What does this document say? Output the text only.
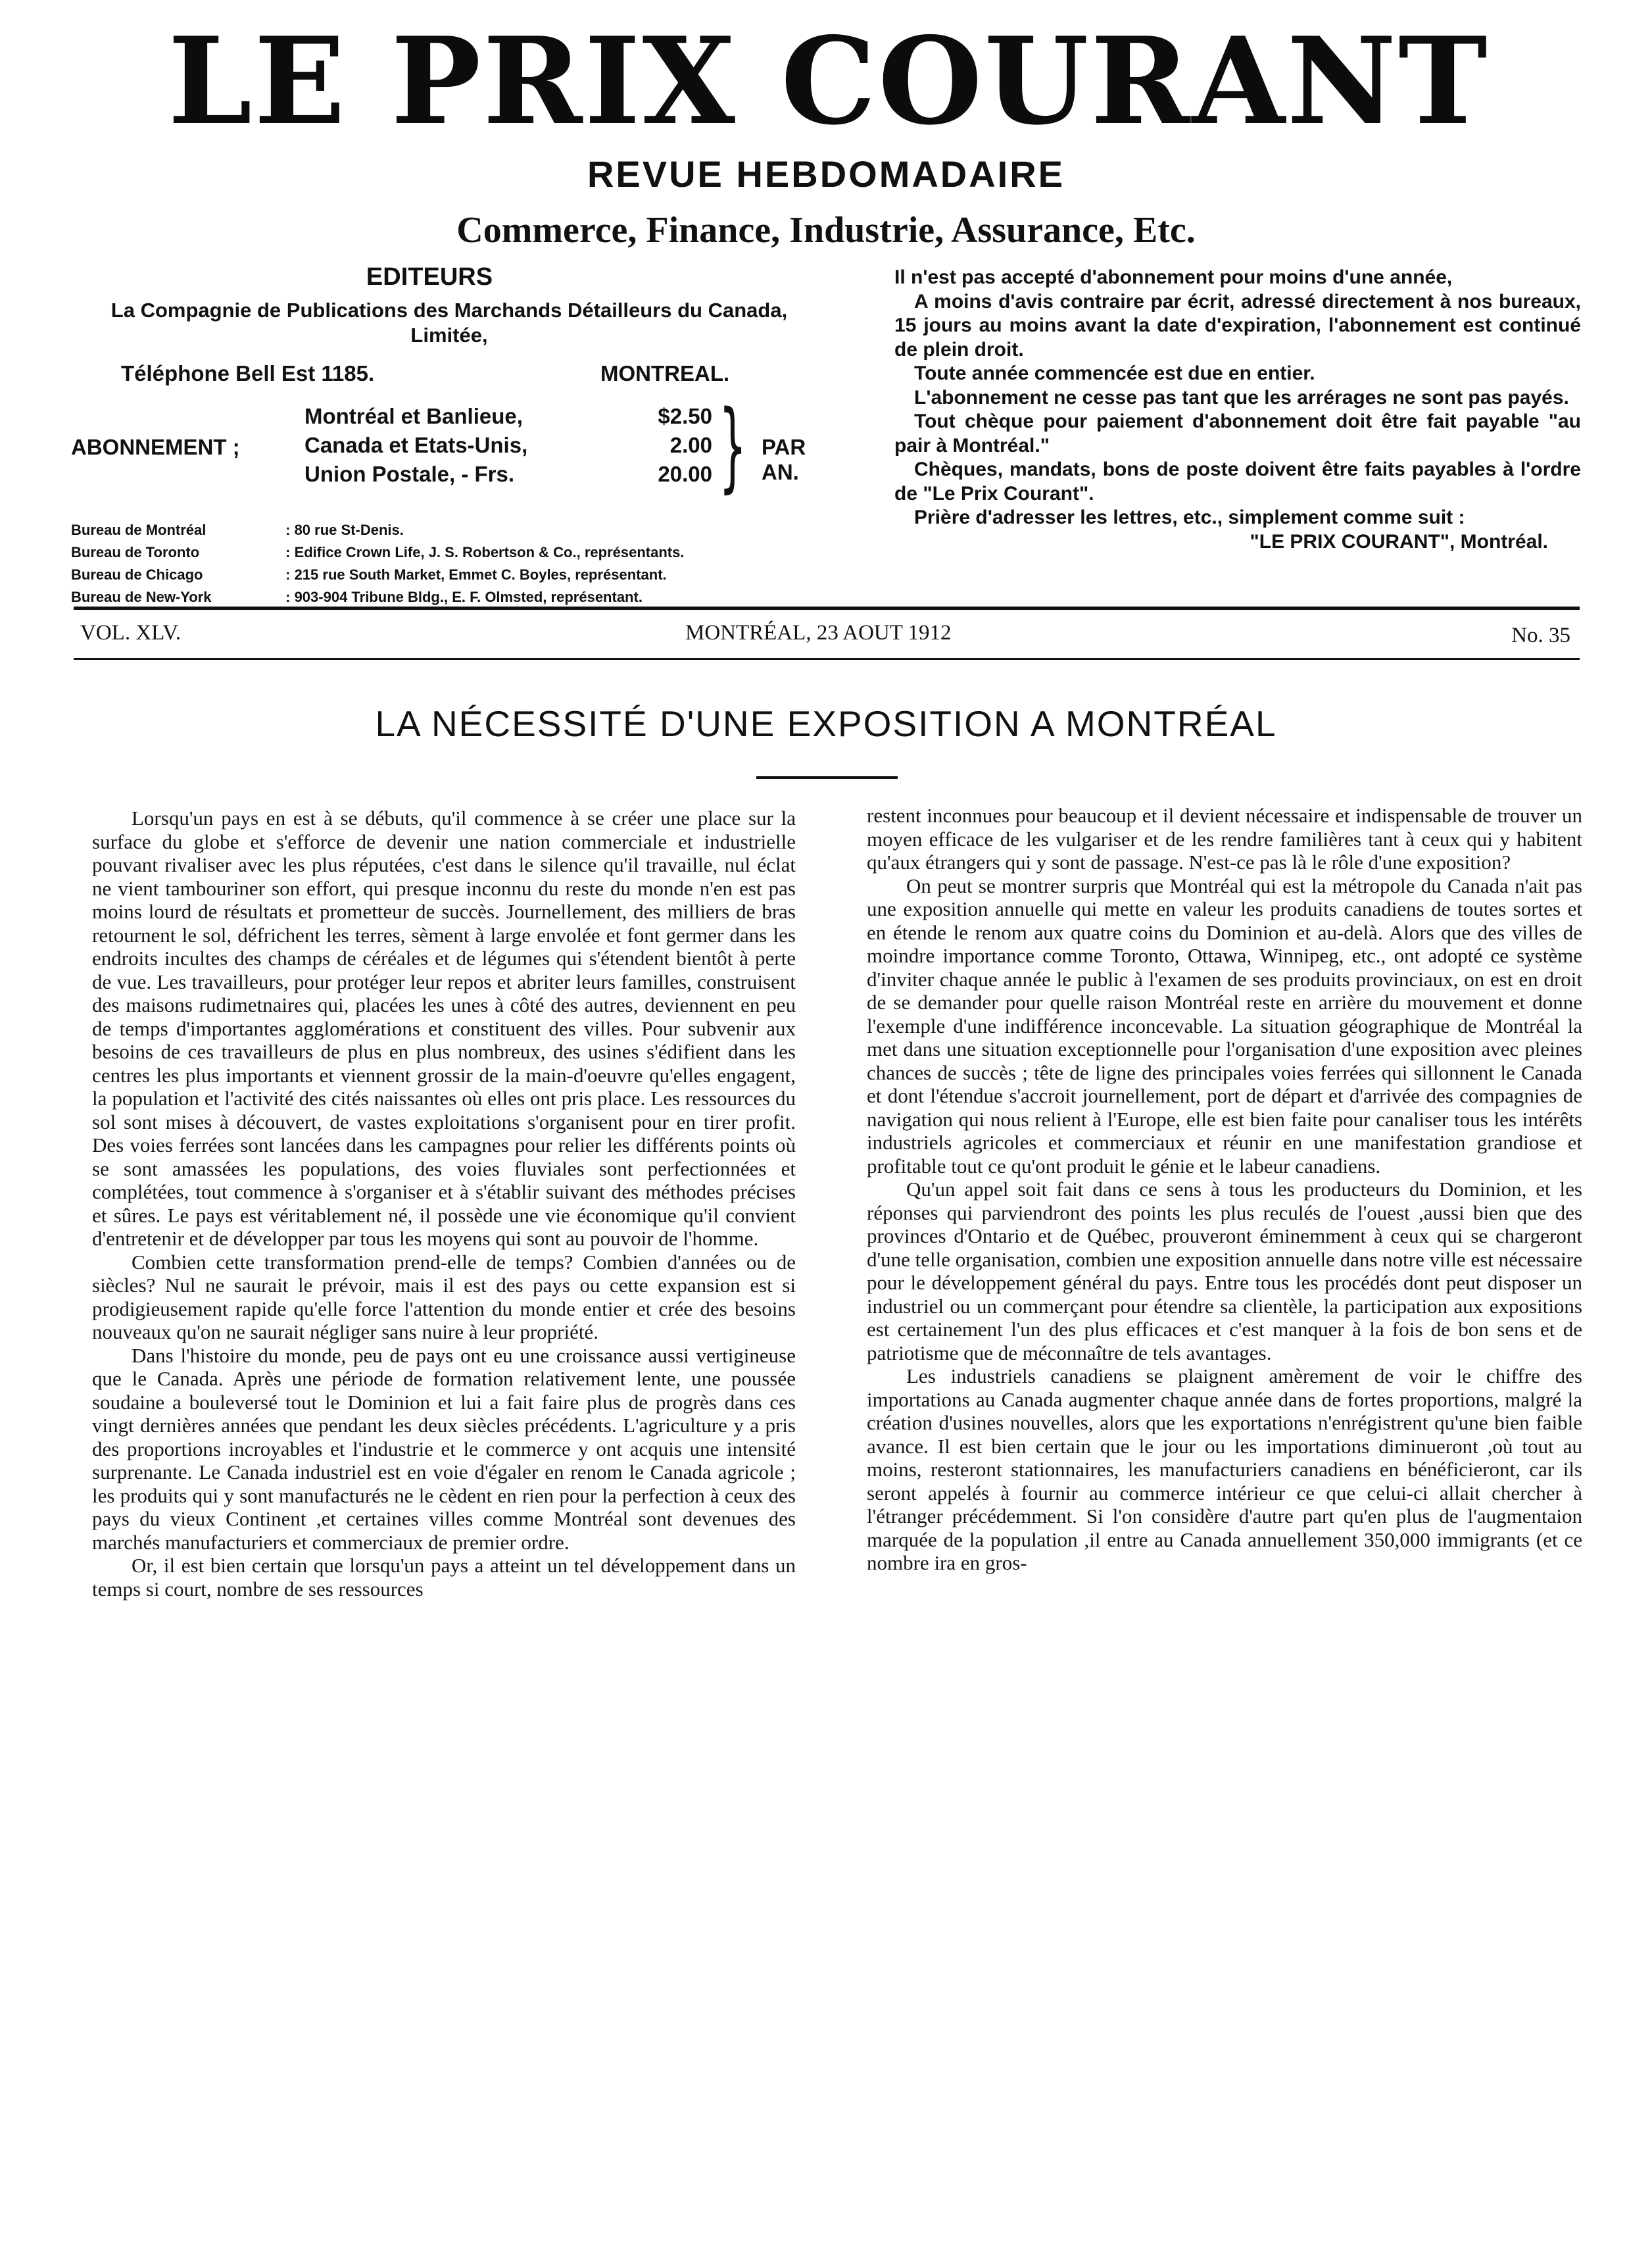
LE PRIX COURANT
REVUE HEBDOMADAIRE
Commerce, Finance, Industrie, Assurance, Etc.
EDITEURS
La Compagnie de Publications des Marchands Détailleurs du Canada, Limitée,
Téléphone Bell Est 1185.	MONTREAL.
ABONNEMENT ;
Montréal et Banlieue,	$2.50
Canada et Etats-Unis,	2.00
Union Postale, - Frs.	20.00 } PAR AN.
Bureau de Montréal	: 80 rue St-Denis.
Bureau de Toronto	: Edifice Crown Life, J. S. Robertson & Co., représentants.
Bureau de Chicago	: 215 rue South Market, Emmet C. Boyles, représentant.
Bureau de New-York	: 903-904 Tribune Bldg., E. F. Olmsted, représentant.

Il n'est pas accepté d'abonnement pour moins d'une année,

A moins d'avis contraire par écrit, adressé directement à nos bureaux, 15 jours au moins avant la date d'expiration, l'abonnement est continué de plein droit.

Toute année commencée est due en entier.

L'abonnement ne cesse pas tant que les arrérages ne sont pas payés.

Tout chèque pour paiement d'abonnement doit être fait payable "au pair à Montréal."

Chèques, mandats, bons de poste doivent être faits payables à l'ordre de "Le Prix Courant".

Prière d'adresser les lettres, etc., simplement comme suit :

"LE PRIX COURANT", Montréal.

VOL. XLV.	MONTRÉAL, 23 AOUT 1912	No. 35
LA NÉCESSITÉ D'UNE EXPOSITION A MONTRÉAL

Lorsqu'un pays en est à se débuts, qu'il commence à se créer une place sur la surface du globe et s'efforce de devenir une nation commerciale et industrielle pouvant rivaliser avec les plus réputées, c'est dans le silence qu'il travaille, nul éclat ne vient tambouriner son effort, qui presque inconnu du reste du monde n'en est pas moins lourd de résultats et prometteur de succès. Journellement, des milliers de bras retournent le sol, défrichent les terres, sèment à large envolée et font germer dans les endroits incultes des champs de céréales et de légumes qui s'étendent bientôt à perte de vue. Les travailleurs, pour protéger leur repos et abriter leurs familles, construisent des maisons rudimetnaires qui, placées les unes à côté des autres, deviennent en peu de temps d'importantes agglomérations et constituent des villes. Pour subvenir aux besoins de ces travailleurs de plus en plus nombreux, des usines s'édifient dans les centres les plus importants et viennent grossir de la main-d'oeuvre qu'elles engagent, la population et l'activité des cités naissantes où elles ont pris place. Les ressources du sol sont mises à découvert, de vastes exploitations s'organisent pour en tirer profit. Des voies ferrées sont lancées dans les campagnes pour relier les différents points où se sont amassées les populations, des voies fluviales sont perfectionnées et complétées, tout commence à s'organiser et à s'établir suivant des méthodes précises et sûres. Le pays est véritablement né, il possède une vie économique qu'il convient d'entretenir et de développer par tous les moyens qui sont au pouvoir de l'homme.

Combien cette transformation prend-elle de temps? Combien d'années ou de siècles? Nul ne saurait le prévoir, mais il est des pays ou cette expansion est si prodigieusement rapide qu'elle force l'attention du monde entier et crée des besoins nouveaux qu'on ne saurait négliger sans nuire à leur propriété.

Dans l'histoire du monde, peu de pays ont eu une croissance aussi vertigineuse que le Canada. Après une période de formation relativement lente, une poussée soudaine a bouleversé tout le Dominion et lui a fait faire plus de progrès dans ces vingt dernières années que pendant les deux siècles précédents. L'agriculture y a pris des proportions incroyables et l'industrie et le commerce y ont acquis une intensité surprenante. Le Canada industriel est en voie d'égaler en renom le Canada agricole ; les produits qui y sont manufacturés ne le cèdent en rien pour la perfection à ceux des pays du vieux Continent ,et certaines villes comme Montréal sont devenues des marchés manufacturiers et commerciaux de premier ordre.

Or, il est bien certain que lorsqu'un pays a atteint un tel développement dans un temps si court, nombre de ses ressources

restent inconnues pour beaucoup et il devient nécessaire et indispensable de trouver un moyen efficace de les vulgariser et de les rendre familières tant à ceux qui y habitent qu'aux étrangers qui y sont de passage. N'est-ce pas là le rôle d'une exposition?

On peut se montrer surpris que Montréal qui est la métropole du Canada n'ait pas une exposition annuelle qui mette en valeur les produits canadiens de toutes sortes et en étende le renom aux quatre coins du Dominion et au-delà. Alors que des villes de moindre importance comme Toronto, Ottawa, Winnipeg, etc., ont adopté ce système d'inviter chaque année le public à l'examen de ses produits provinciaux, on est en droit de se demander pour quelle raison Montréal reste en arrière du mouvement et donne l'exemple d'une indifférence inconcevable. La situation géographique de Montréal la met dans une situation exceptionnelle pour l'organisation d'une exposition avec pleines chances de succès ; tête de ligne des principales voies ferrées qui sillonnent le Canada et dont l'étendue s'accroit journellement, port de départ et d'arrivée des compagnies de navigation qui nous relient à l'Europe, elle est bien faite pour canaliser tous les intérêts industriels agricoles et commerciaux et réunir en une manifestation grandiose et profitable tout ce qu'ont produit le génie et le labeur canadiens.

Qu'un appel soit fait dans ce sens à tous les producteurs du Dominion, et les réponses qui parviendront des points les plus reculés de l'ouest ,aussi bien que des provinces d'Ontario et de Québec, prouveront éminemment à ceux qui se chargeront d'une telle organisation, combien une exposition annuelle dans notre ville est nécessaire pour le développement général du pays. Entre tous les procédés dont peut disposer un industriel ou un commerçant pour étendre sa clientèle, la participation aux expositions est certainement l'un des plus efficaces et c'est manquer à la fois de bon sens et de patriotisme que de méconnaître de tels avantages.

Les industriels canadiens se plaignent amèrement de voir le chiffre des importations au Canada augmenter chaque année dans de fortes proportions, malgré la création d'usines nouvelles, alors que les exportations n'enrégistrent qu'une bien faible avance. Il est bien certain que le jour ou les importations diminueront ,où tout au moins, resteront stationnaires, les manufacturiers canadiens en bénéficieront, car ils seront appelés à fournir au commerce intérieur ce que celui-ci allait chercher à l'étranger précédemment. Si l'on considère d'autre part qu'en plus de l'augmentaion marquée de la population ,il entre au Canada annuellement 350,000 immigrants (et ce nombre ira en gros-
